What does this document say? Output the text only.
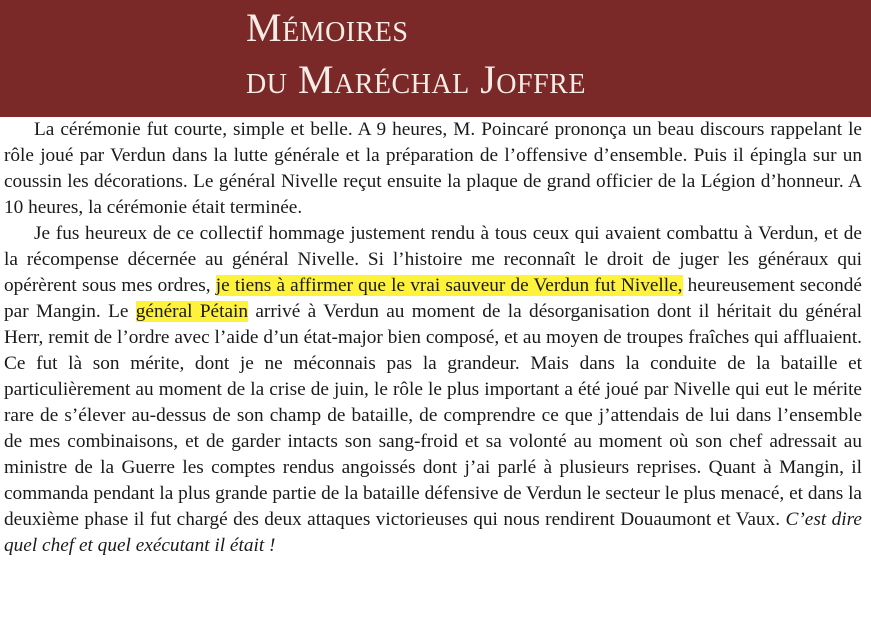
Mémoires
du Maréchal Joffre

La cérémonie fut courte, simple et belle. A 9 heures, M. Poincaré prononça un beau discours rappelant le rôle joué par Verdun dans la lutte générale et la préparation de l’offensive d’ensemble. Puis il épingla sur un coussin les décorations. Le général Nivelle reçut ensuite la plaque de grand officier de la Légion d’honneur. A 10 heures, la cérémonie était terminée.

Je fus heureux de ce collectif hommage justement rendu à tous ceux qui avaient combattu à Verdun, et de la récompense décernée au général Nivelle. Si l’histoire me reconnaît le droit de juger les généraux qui opérèrent sous mes ordres, je tiens à affirmer que le vrai sauveur de Verdun fut Nivelle, heureusement secondé par Mangin. Le général Pétain arrivé à Verdun au moment de la désorganisation dont il héritait du général Herr, remit de l’ordre avec l’aide d’un état-major bien composé, et au moyen de troupes fraîches qui affluaient. Ce fut là son mérite, dont je ne méconnais pas la grandeur. Mais dans la conduite de la bataille et particulièrement au moment de la crise de juin, le rôle le plus important a été joué par Nivelle qui eut le mérite rare de s’élever au-dessus de son champ de bataille, de comprendre ce que j’attendais de lui dans l’ensemble de mes combinaisons, et de garder intacts son sang-froid et sa volonté au moment où son chef adressait au ministre de la Guerre les comptes rendus angoissés dont j’ai parlé à plusieurs reprises. Quant à Mangin, il commanda pendant la plus grande partie de la bataille défensive de Verdun le secteur le plus menacé, et dans la deuxième phase il fut chargé des deux attaques victorieuses qui nous rendirent Douaumont et Vaux. C’est dire quel chef et quel exécutant il était !
